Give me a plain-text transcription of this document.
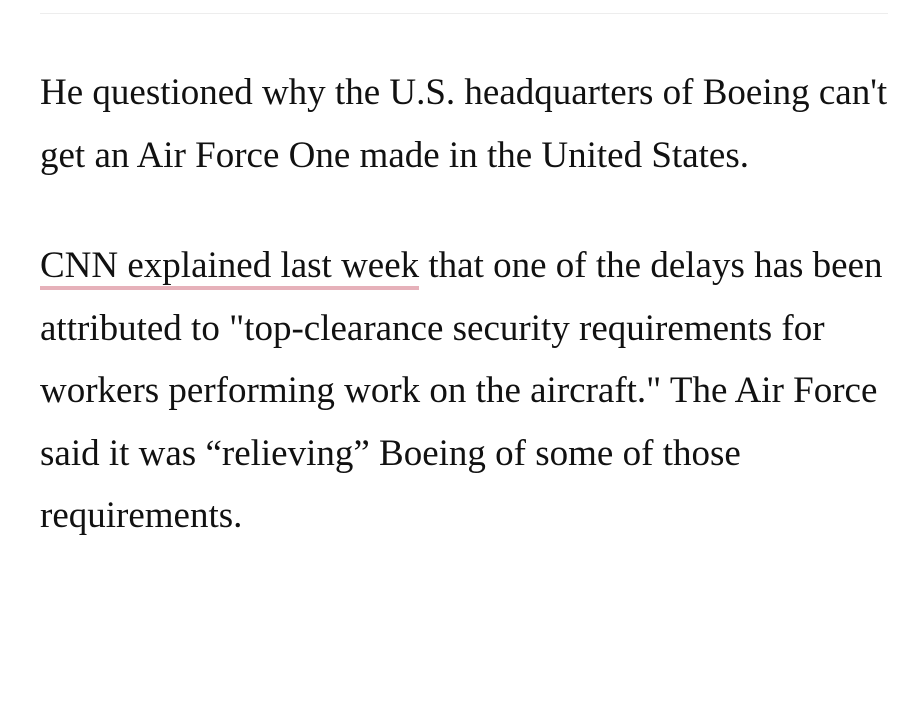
He questioned why the U.S. headquarters of Boeing can't get an Air Force One made in the United States.

CNN explained last week that one of the delays has been attributed to "top-clearance security requirements for workers performing work on the aircraft." The Air Force said it was “relieving” Boeing of some of those requirements.
